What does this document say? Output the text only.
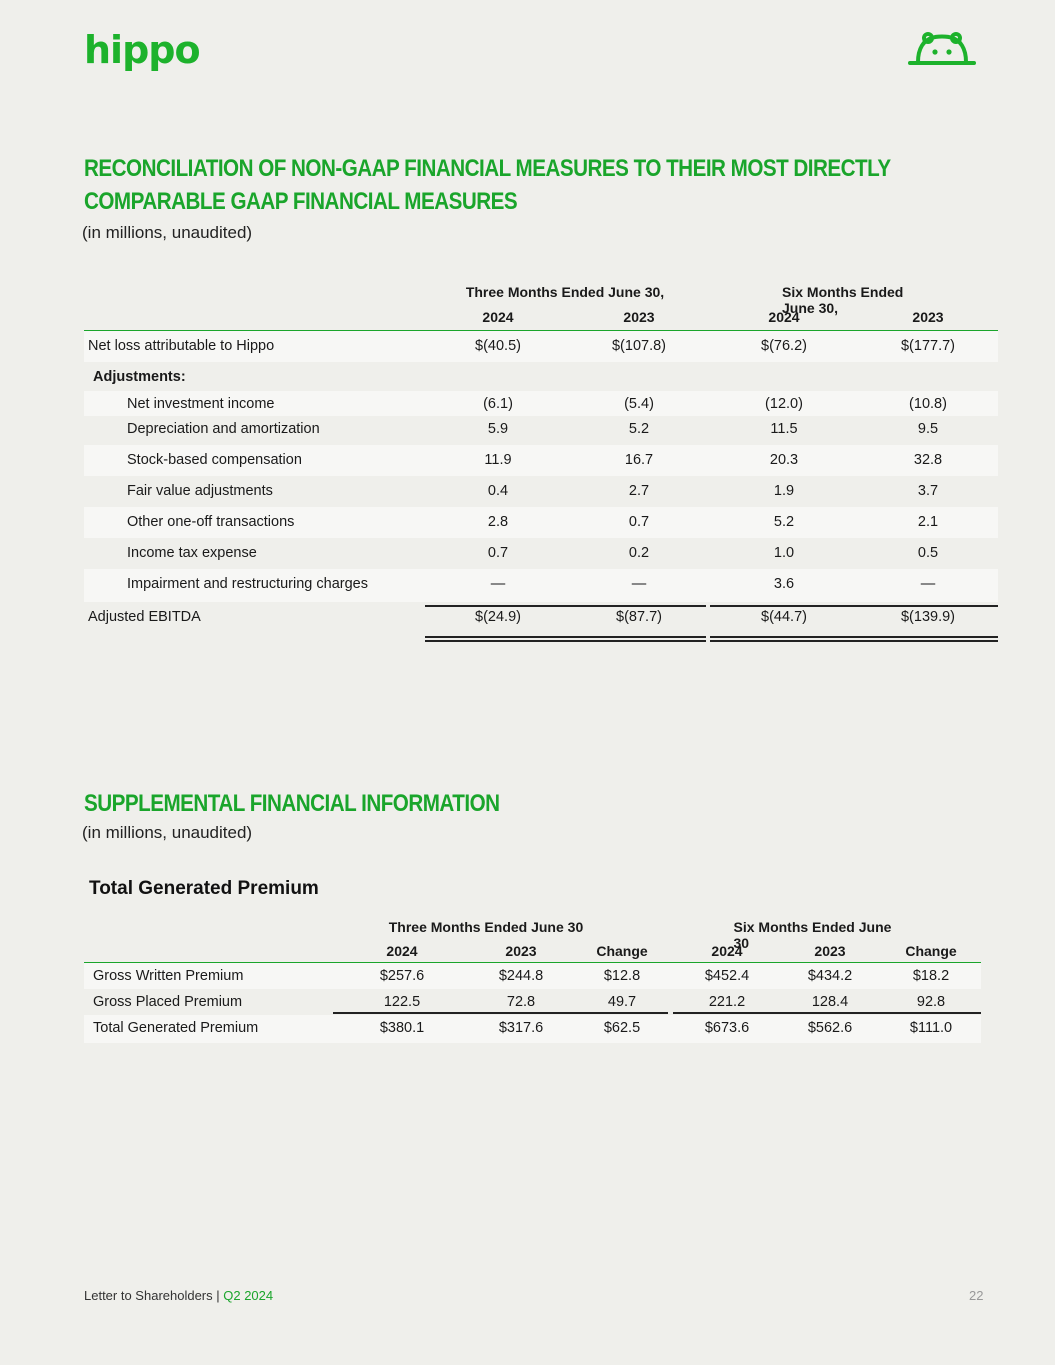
hippo
RECONCILIATION OF NON-GAAP FINANCIAL MEASURES TO THEIR MOST DIRECTLY
COMPARABLE GAAP FINANCIAL MEASURES
(in millions, unaudited)
Three Months Ended June 30,	Six Months Ended June 30,
2024	2023	2024	2023
Net loss attributable to Hippo	$(40.5)	$(107.8)	$(76.2)	$(177.7)
Adjustments:
Net investment income	(6.1)	(5.4)	(12.0)	(10.8)
Depreciation and amortization	5.9	5.2	11.5	9.5
Stock-based compensation	11.9	16.7	20.3	32.8
Fair value adjustments	0.4	2.7	1.9	3.7
Other one-off transactions	2.8	0.7	5.2	2.1
Income tax expense	0.7	0.2	1.0	0.5
Impairment and restructuring charges	—	—	3.6	—
Adjusted EBITDA	$(24.9)	$(87.7)	$(44.7)	$(139.9)
SUPPLEMENTAL FINANCIAL INFORMATION
(in millions, unaudited)
Total Generated Premium
Three Months Ended June 30	Six Months Ended June 30
2024	2023	Change	2024	2023	Change
Gross Written Premium	$257.6	$244.8	$12.8	$452.4	$434.2	$18.2
Gross Placed Premium	122.5	72.8	49.7	221.2	128.4	92.8
Total Generated Premium	$380.1	$317.6	$62.5	$673.6	$562.6	$111.0
Letter to Shareholders | Q2 2024	22
